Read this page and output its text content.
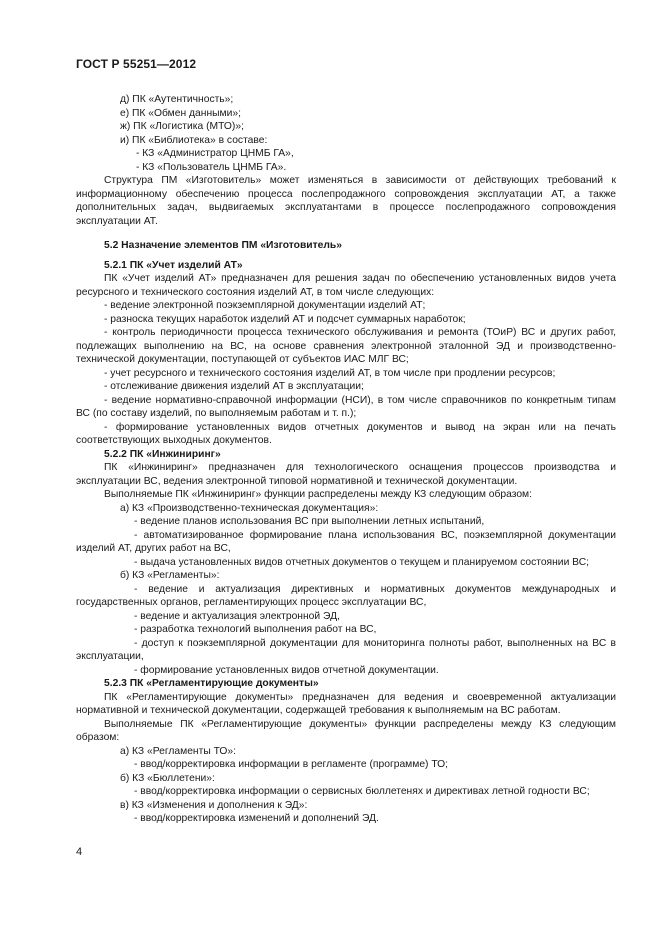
ГОСТ Р 55251—2012
д) ПК «Аутентичность»;
е) ПК «Обмен данными»;
ж) ПК «Логистика (МТО)»;
и) ПК «Библиотека» в составе:
- КЗ «Администратор ЦНМБ ГА»,
- КЗ «Пользователь ЦНМБ ГА».
Структура ПМ «Изготовитель» может изменяться в зависимости от действующих требований к информационному обеспечению процесса послепродажного сопровождения эксплуатации АТ, а также дополнительных задач, выдвигаемых эксплуатантами в процессе послепродажного сопровождения эксплуатации АТ.
5.2 Назначение элементов ПМ «Изготовитель»
5.2.1 ПК «Учет изделий АТ»
ПК «Учет изделий АТ» предназначен для решения задач по обеспечению установленных видов учета ресурсного и технического состояния изделий АТ, в том числе следующих:
- ведение электронной поэкземплярной документации изделий АТ;
- разноска текущих наработок изделий АТ и подсчет суммарных наработок;
- контроль периодичности процесса технического обслуживания и ремонта (ТОиР) ВС и других работ, подлежащих выполнению на ВС, на основе сравнения электронной эталонной ЭД и производственно-технической документации, поступающей от субъектов ИАС МЛГ ВС;
- учет ресурсного и технического состояния изделий АТ, в том числе при продлении ресурсов;
- отслеживание движения изделий АТ в эксплуатации;
- ведение нормативно-справочной информации (НСИ), в том числе справочников по конкретным типам ВС (по составу изделий, по выполняемым работам и т. п.);
- формирование установленных видов отчетных документов и вывод на экран или на печать соответствующих выходных документов.
5.2.2 ПК «Инжиниринг»
ПК «Инжиниринг» предназначен для технологического оснащения процессов производства и эксплуатации ВС, ведения электронной типовой нормативной и технической документации.
Выполняемые ПК «Инжиниринг» функции распределены между КЗ следующим образом:
а) КЗ «Производственно-техническая документация»:
- ведение планов использования ВС при выполнении летных испытаний,
- автоматизированное формирование плана использования ВС, поэкземплярной документации изделий АТ, других работ на ВС,
- выдача установленных видов отчетных документов о текущем и планируемом состоянии ВС;
б) КЗ «Регламенты»:
- ведение и актуализация директивных и нормативных документов международных и государственных органов, регламентирующих процесс эксплуатации ВС,
- ведение и актуализация электронной ЭД,
- разработка технологий выполнения работ на ВС,
- доступ к поэкземплярной документации для мониторинга полноты работ, выполненных на ВС в эксплуатации,
- формирование установленных видов отчетной документации.
5.2.3 ПК «Регламентирующие документы»
ПК «Регламентирующие документы» предназначен для ведения и своевременной актуализации нормативной и технической документации, содержащей требования к выполняемым на ВС работам.
Выполняемые ПК «Регламентирующие документы» функции распределены между КЗ следующим образом:
а) КЗ «Регламенты ТО»:
- ввод/корректировка информации в регламенте (программе) ТО;
б) КЗ «Бюллетени»:
- ввод/корректировка информации о сервисных бюллетенях и директивах летной годности ВС;
в) КЗ «Изменения и дополнения к ЭД»:
- ввод/корректировка изменений и дополнений ЭД.
4
